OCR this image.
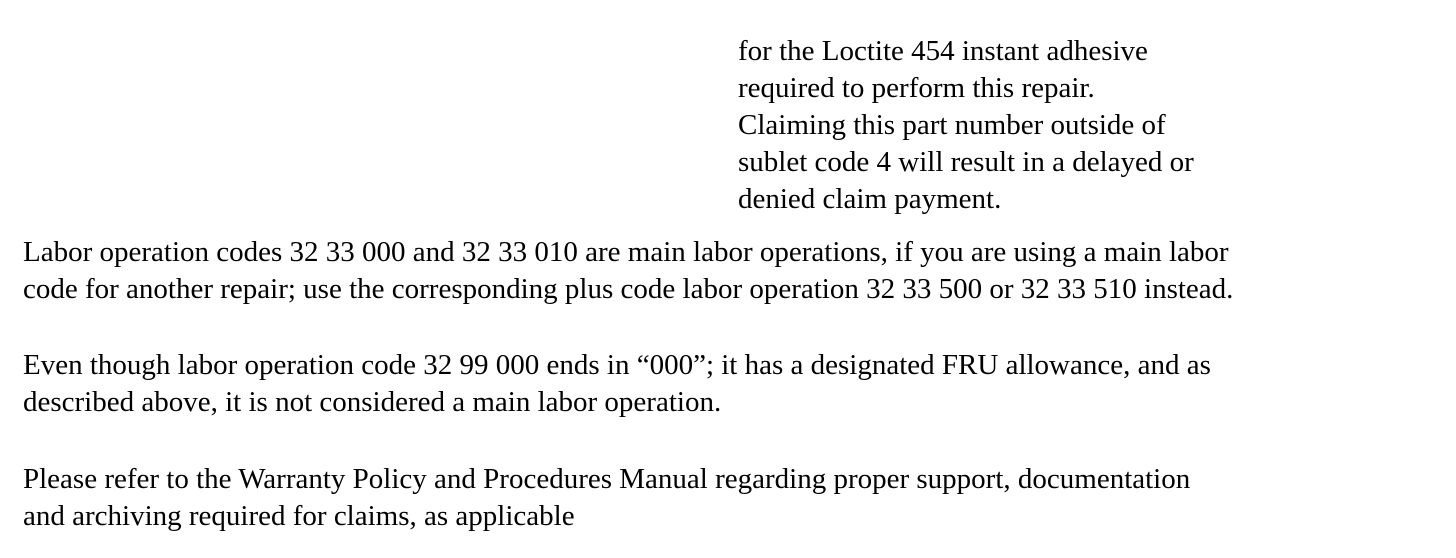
for the Loctite 454 instant adhesive
required to perform this repair.
Claiming this part number outside of
sublet code 4 will result in a delayed or
denied claim payment.
Labor operation codes 32 33 000 and 32 33 010 are main labor operations, if you are using a main labor
code for another repair; use the corresponding plus code labor operation 32 33 500 or 32 33 510 instead.
Even though labor operation code 32 99 000 ends in “000”; it has a designated FRU allowance, and as
described above, it is not considered a main labor operation.
Please refer to the Warranty Policy and Procedures Manual regarding proper support, documentation
and archiving required for claims, as applicable
